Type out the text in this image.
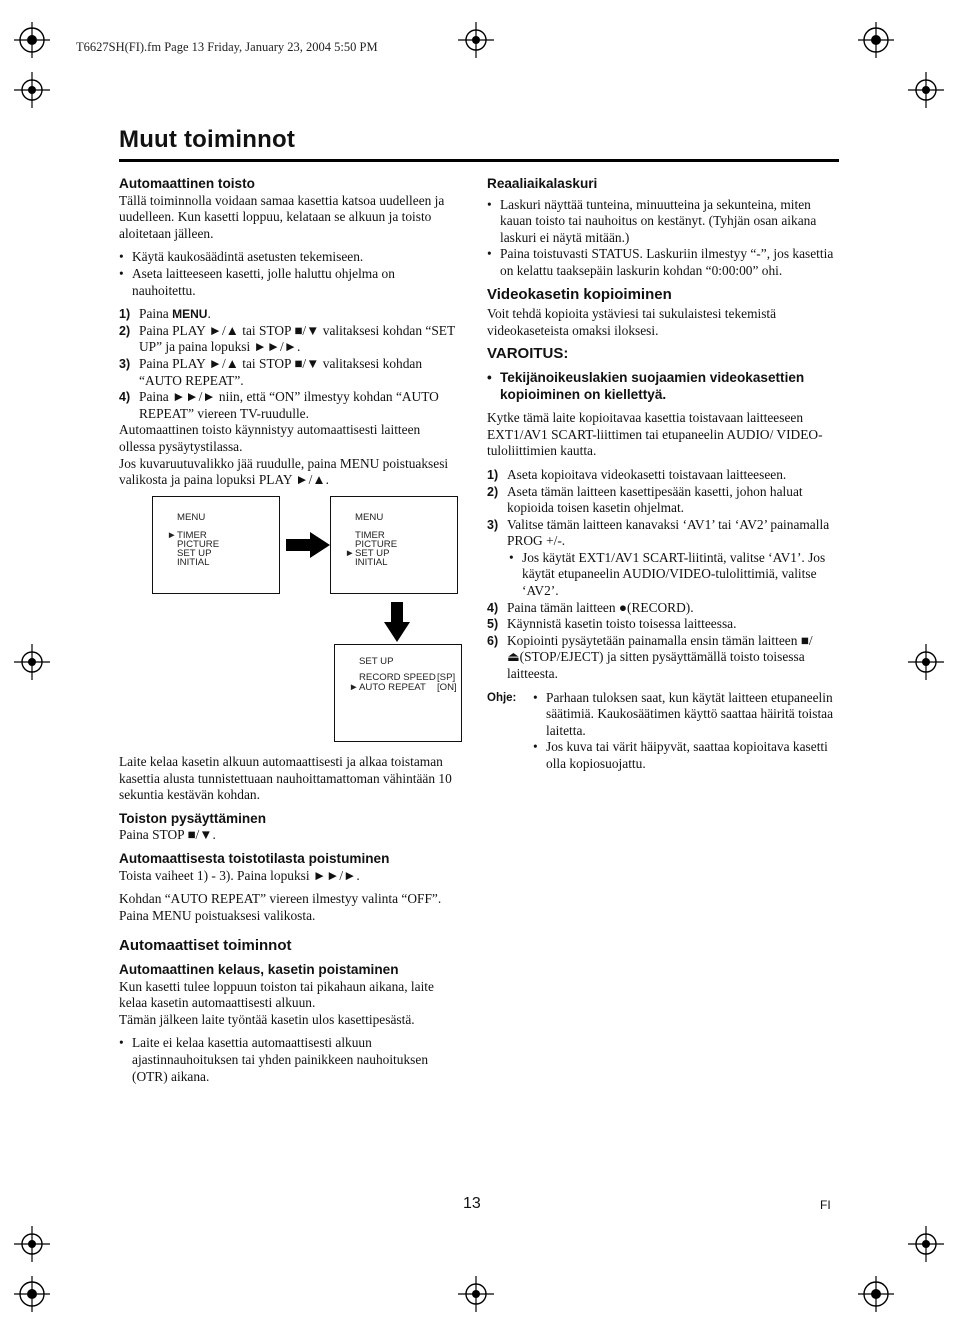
T6627SH(FI).fm Page 13 Friday, January 23, 2004 5:50 PM
Muut toiminnot

Automaattinen toisto

Tällä toiminnolla voidaan samaa kasettia katsoa uudelleen ja uudelleen. Kun kasetti loppuu, kelataan se alkuun ja toisto aloitetaan jälleen.

• Käytä kaukosäädintä asetusten tekemiseen.
• Aseta laitteeseen kasetti, jolle haluttu ohjelma on nauhoitettu.
1) Paina MENU.
2) Paina PLAY ►/▲ tai STOP ■/▼ valitaksesi kohdan “SET UP” ja paina lopuksi ►►/►.
3) Paina PLAY ►/▲ tai STOP ■/▼ valitaksesi kohdan “AUTO REPEAT”.
4) Paina ►►/► niin, että “ON” ilmestyy kohdan “AUTO REPEAT” viereen TV-ruudulle.

Automaattinen toisto käynnistyy automaattisesti laitteen ollessa pysäytystilassa.

Jos kuvaruutuvalikko jää ruudulle, paina MENU poistuaksesi valikosta ja paina lopuksi PLAY ►/▲.

MENU
► TIMER
PICTURE
SET UP
INITIAL
MENU
TIMER
PICTURE
► SET UP
INITIAL
SET UP
RECORD SPEED [SP]
► AUTO REPEAT [ON]

Laite kelaa kasetin alkuun automaattisesti ja alkaa toistaman kasettia alusta tunnistettuaan nauhoittamattoman vähintään 10 sekuntia kestävän kohdan.

Toiston pysäyttäminen

Paina STOP ■/▼.

Automaattisesta toistotilasta poistuminen

Toista vaiheet 1) - 3). Paina lopuksi ►►/►.

Kohdan “AUTO REPEAT” viereen ilmestyy valinta “OFF”. Paina MENU poistuaksesi valikosta.

Automaattiset toiminnot

Automaattinen kelaus, kasetin poistaminen

Kun kasetti tulee loppuun toiston tai pikahaun aikana, laite kelaa kasetin automaattisesti alkuun.

Tämän jälkeen laite työntää kasetin ulos kasettipesästä.

• Laite ei kelaa kasettia automaattisesti alkuun ajastinnauhoituksen tai yhden painikkeen nauhoituksen (OTR) aikana.

Reaaliaikalaskuri

• Laskuri näyttää tunteina, minuutteina ja sekunteina, miten kauan toisto tai nauhoitus on kestänyt. (Tyhjän osan aikana laskuri ei näytä mitään.)
• Paina toistuvasti STATUS. Laskuriin ilmestyy “-”, jos kasettia on kelattu taaksepäin laskurin kohdan “0:00:00” ohi.

Videokasetin kopioiminen

Voit tehdä kopioita ystäviesi tai sukulaistesi tekemistä videokaseteista omaksi iloksesi.

VAROITUS:

• Tekijänoikeuslakien suojaamien videokasettien kopioiminen on kiellettyä.

Kytke tämä laite kopioitavaa kasettia toistavaan laitteeseen EXT1/AV1 SCART-liittimen tai etupaneelin AUDIO/ VIDEO-tuloliittimien kautta.

1) Aseta kopioitava videokasetti toistavaan laitteeseen.
2) Aseta tämän laitteen kasettipesään kasetti, johon haluat kopioida toisen kasetin ohjelmat.
3) Valitse tämän laitteen kanavaksi ‘AV1’ tai ‘AV2’ painamalla PROG +/-.
• Jos käytät EXT1/AV1 SCART-liitintä, valitse ‘AV1’. Jos käytät etupaneelin AUDIO/VIDEO-tulolittimiä, valitse ‘AV2’.
4) Paina tämän laitteen ●(RECORD).
5) Käynnistä kasetin toisto toisessa laitteessa.
6) Kopiointi pysäytetään painamalla ensin tämän laitteen ■/⏏(STOP/EJECT) ja sitten pysäyttämällä toisto toisessa laitteesta.
Ohje:	• Parhaan tuloksen saat, kun käytät laitteen etupaneelin säätimiä. Kaukosäätimen käyttö saattaa häiritä toistaa laitetta.
• Jos kuva tai värit häipyvät, saattaa kopioitava kasetti olla kopiosuojattu.
13	FI
